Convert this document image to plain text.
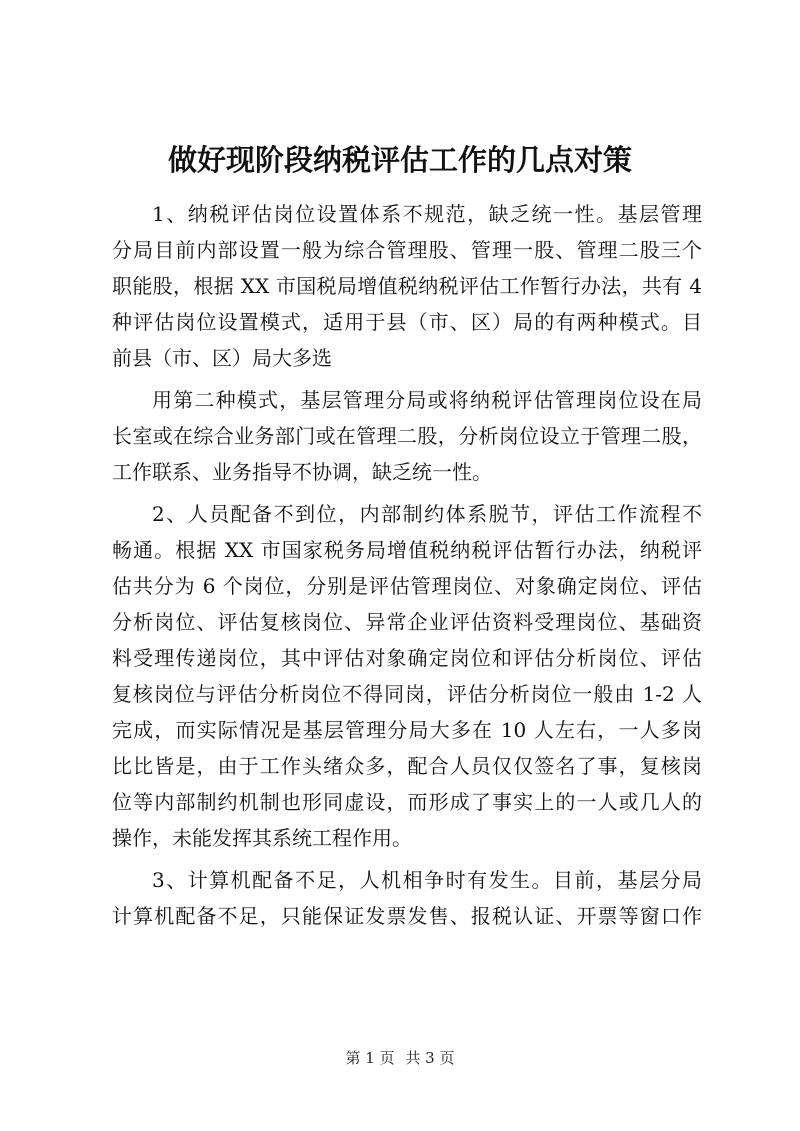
做好现阶段纳税评估工作的几点对策

1、纳税评估岗位设置体系不规范，缺乏统一性。基层管理
分局目前内部设置一般为综合管理股、管理一股、管理二股三个
职能股，根据 XX 市国税局增值税纳税评估工作暂行办法，共有 4
种评估岗位设置模式，适用于县（市、区）局的有两种模式。目
前县（市、区）局大多选

用第二种模式，基层管理分局或将纳税评估管理岗位设在局
长室或在综合业务部门或在管理二股，分析岗位设立于管理二股，
工作联系、业务指导不协调，缺乏统一性。

2、人员配备不到位，内部制约体系脱节，评估工作流程不
畅通。根据 XX 市国家税务局增值税纳税评估暂行办法，纳税评
估共分为 6 个岗位，分别是评估管理岗位、对象确定岗位、评估
分析岗位、评估复核岗位、异常企业评估资料受理岗位、基础资
料受理传递岗位，其中评估对象确定岗位和评估分析岗位、评估
复核岗位与评估分析岗位不得同岗，评估分析岗位一般由 1-2 人
完成，而实际情况是基层管理分局大多在 10 人左右，一人多岗
比比皆是，由于工作头绪众多，配合人员仅仅签名了事，复核岗
位等内部制约机制也形同虚设，而形成了事实上的一人或几人的
操作，未能发挥其系统工程作用。

3、计算机配备不足，人机相争时有发生。目前，基层分局
计算机配备不足，只能保证发票发售、报税认证、开票等窗口作

第 1 页 共 3 页
